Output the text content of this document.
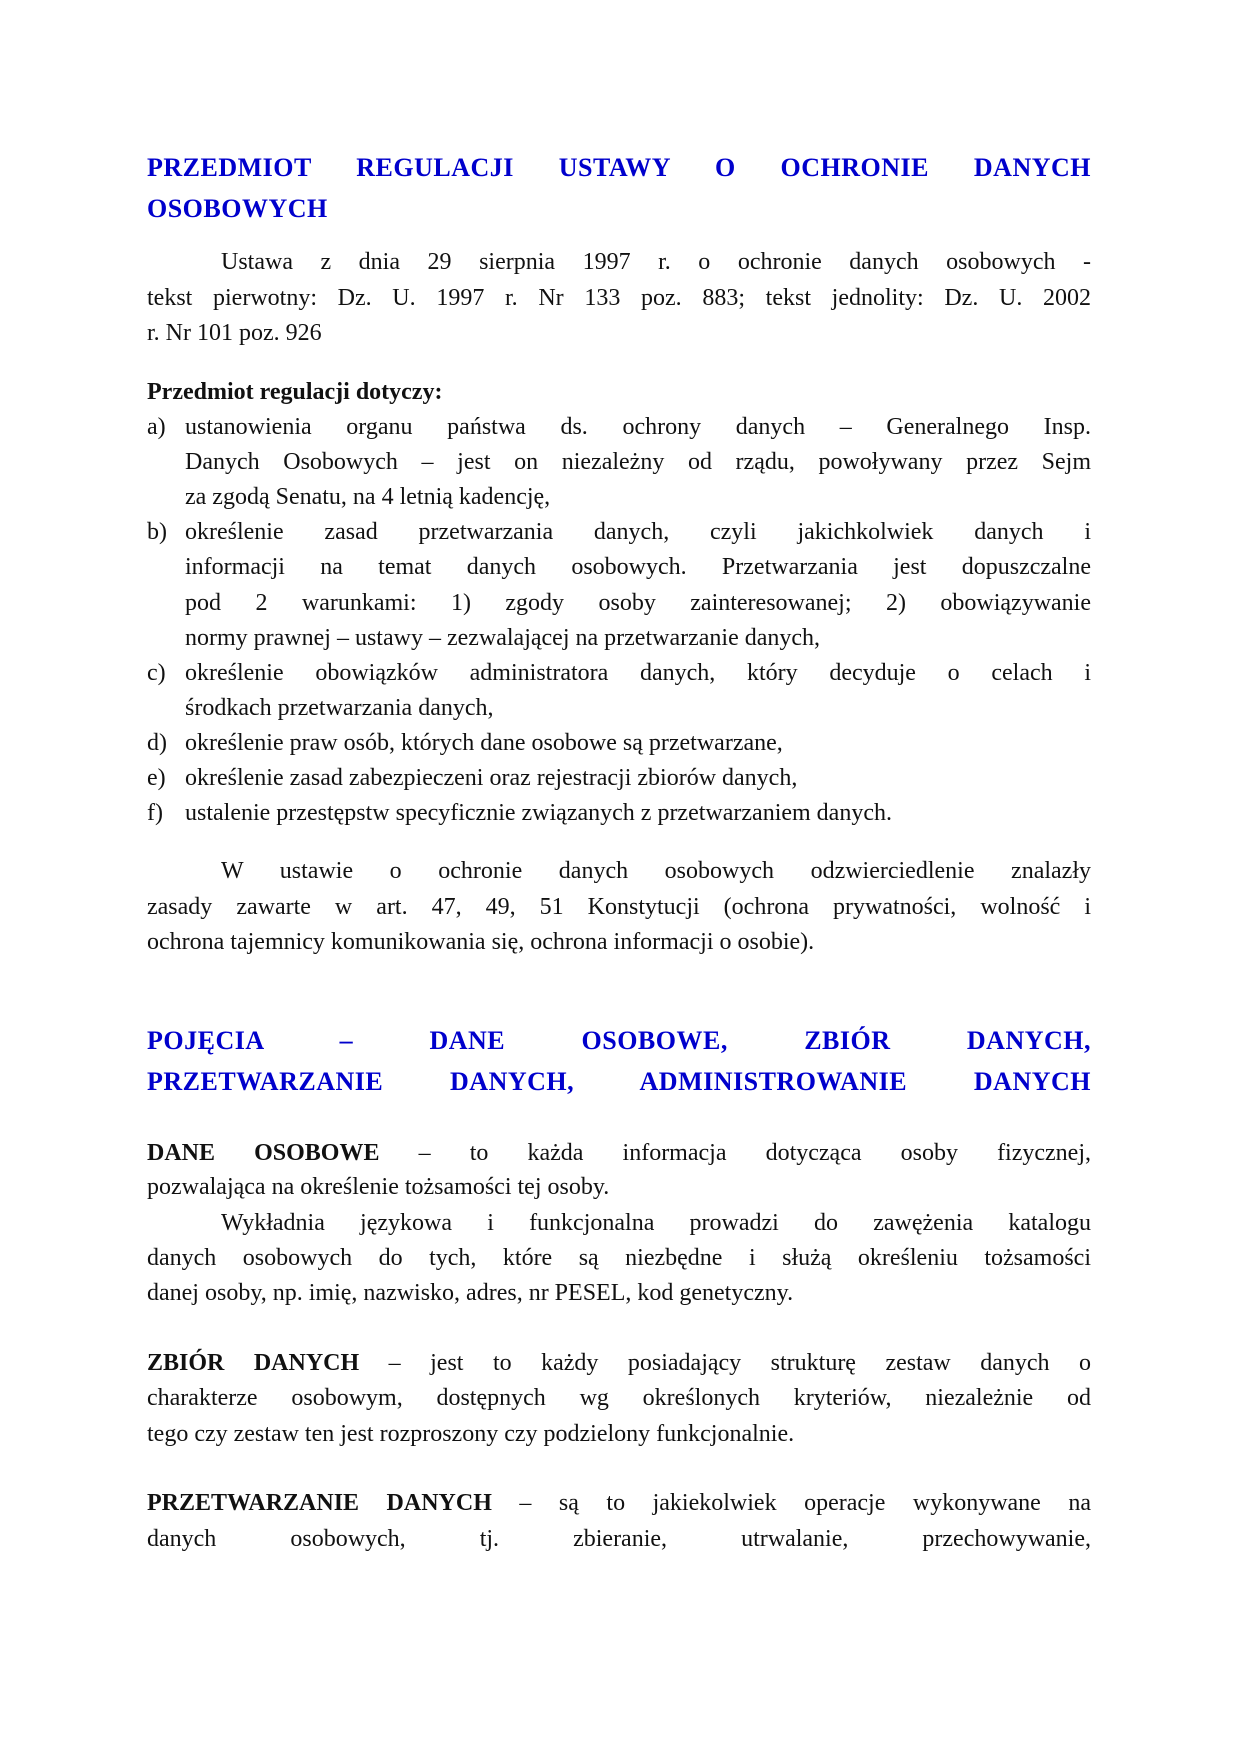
PRZEDMIOT REGULACJI USTAWY O OCHRONIE DANYCH
OSOBOWYCH
Ustawa z dnia 29 sierpnia 1997 r. o ochronie danych osobowych -
tekst pierwotny: Dz. U. 1997 r. Nr 133 poz. 883; tekst jednolity: Dz. U. 2002
r. Nr 101 poz. 926
Przedmiot regulacji dotyczy:
a) ustanowienia organu państwa ds. ochrony danych – Generalnego Insp.
Danych Osobowych – jest on niezależny od rządu, powoływany przez Sejm
za zgodą Senatu, na 4 letnią kadencję,
b) określenie zasad przetwarzania danych, czyli jakichkolwiek danych i
informacji na temat danych osobowych. Przetwarzania jest dopuszczalne
pod 2 warunkami: 1) zgody osoby zainteresowanej; 2) obowiązywanie
normy prawnej – ustawy – zezwalającej na przetwarzanie danych,
c) określenie obowiązków administratora danych, który decyduje o celach i
środkach przetwarzania danych,
d) określenie praw osób, których dane osobowe są przetwarzane,
e) określenie zasad zabezpieczeni oraz rejestracji zbiorów danych,
f) ustalenie przestępstw specyficznie związanych z przetwarzaniem danych.
W ustawie o ochronie danych osobowych odzwierciedlenie znalazły
zasady zawarte w art. 47, 49, 51 Konstytucji (ochrona prywatności, wolność i
ochrona tajemnicy komunikowania się, ochrona informacji o osobie).
POJĘCIA – DANE OSOBOWE, ZBIÓR DANYCH,
PRZETWARZANIE DANYCH, ADMINISTROWANIE DANYCH
DANE OSOBOWE – to każda informacja dotycząca osoby fizycznej,
pozwalająca na określenie tożsamości tej osoby.
Wykładnia językowa i funkcjonalna prowadzi do zawężenia katalogu
danych osobowych do tych, które są niezbędne i służą określeniu tożsamości
danej osoby, np. imię, nazwisko, adres, nr PESEL, kod genetyczny.
ZBIÓR DANYCH – jest to każdy posiadający strukturę zestaw danych o
charakterze osobowym, dostępnych wg określonych kryteriów, niezależnie od
tego czy zestaw ten jest rozproszony czy podzielony funkcjonalnie.
PRZETWARZANIE DANYCH – są to jakiekolwiek operacje wykonywane na
danych osobowych, tj. zbieranie, utrwalanie, przechowywanie,
